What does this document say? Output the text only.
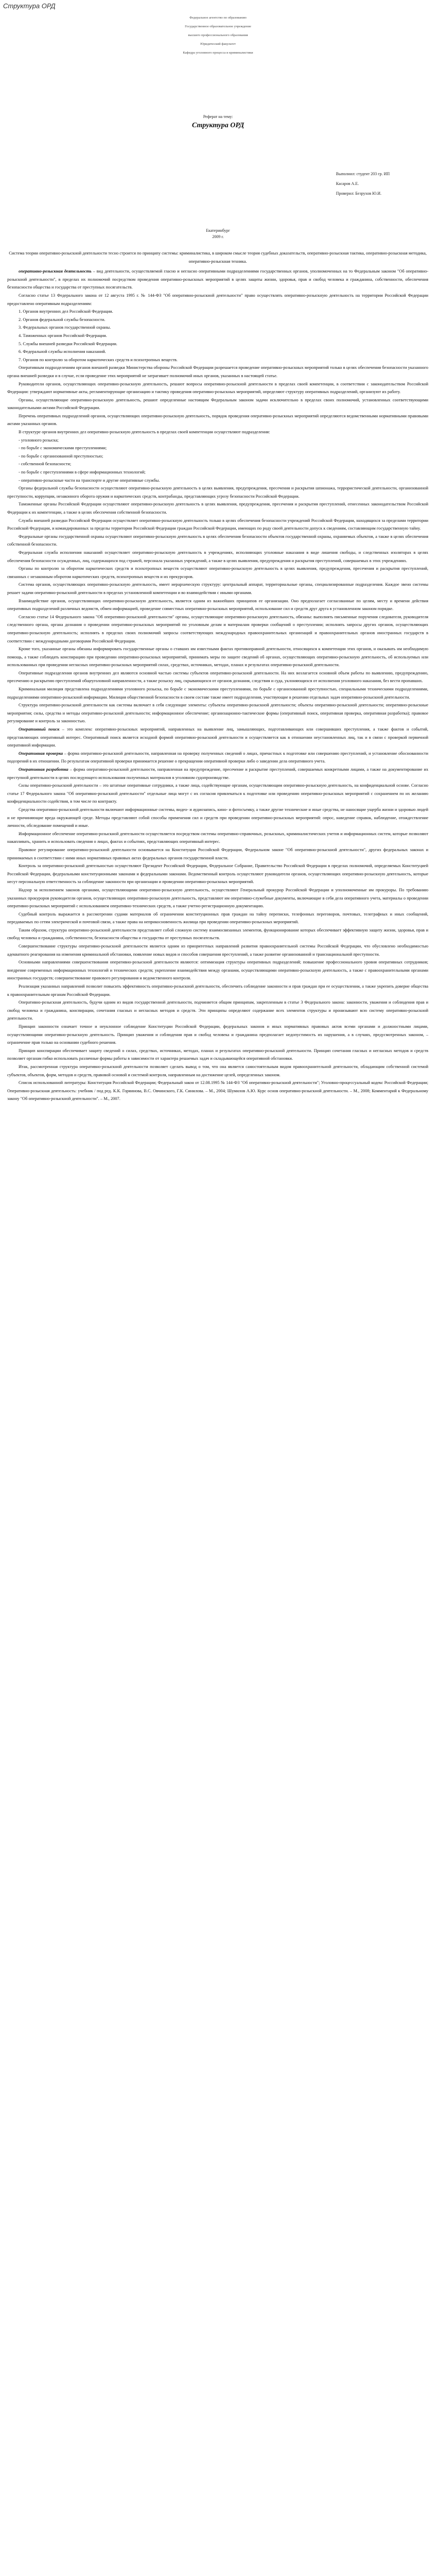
Структура ОРД
Федеральное агентство по образованию
Государственное образовательное учреждение
высшего профессионального образования
Юридический факультет
Кафедра уголовного процесса и криминалистики
Реферат на тему:
Структура ОРД
Выполнил: студент 203 гр. ИП
Касаров А.Е.
Проверил: Безрухов Ю.И.
Екатеринбург
2009 г.

Система теории оперативно-розыскной деятельности тесно строится по принципу системы: криминалистика, в широком смысле теория судебных доказательств, оперативно-розыскная тактика, оперативно-розыскная методика, оперативно-розыскная техника.

оперативно-розыскная деятельность – вид деятельности, осуществляемой гласно и негласно оперативными подразделениями государственных органов, уполномоченных на то Федеральным законом "Об оперативно-розыскной деятельности", в пределах их полномочий посредством проведения оперативно-розыскных мероприятий в целях защиты жизни, здоровья, прав и свобод человека и гражданина, собственности, обеспечения безопасности общества и государства от преступных посягательств.

Согласно статье 13 Федерального закона от 12 августа 1995 г. № 144-ФЗ "Об оперативно-розыскной деятельности" право осуществлять оперативно-розыскную деятельность на территории Российской Федерации предоставлено оперативным подразделениям:

1. Органов внутренних дел Российской Федерации.

2. Органов федеральной службы безопасности.

3. Федеральных органов государственной охраны.

4. Таможенных органов Российской Федерации.

5. Службы внешней разведки Российской Федерации.

6. Федеральной службы исполнения наказаний.

7. Органов по контролю за оборотом наркотических средств и психотропных веществ.

Оперативным подразделениям органов внешней разведки Министерства обороны Российской Федерации разрешается проведение оперативно-розыскных мероприятий только в целях обеспечения безопасности указанного органа внешней разведки и в случае, если проведение этих мероприятий не затрагивает полномочий иных органов, указанных в настоящей статье.

Руководители органов, осуществляющих оперативно-розыскную деятельность, решают вопросы оперативно-розыскной деятельности в пределах своей компетенции, в соответствии с законодательством Российской Федерации: утверждают нормативные акты, регламентирующие организацию и тактику проведения оперативно-розыскных мероприятий, определяют структуру оперативных подразделений, организуют их работу.

Органы, осуществляющие оперативно-розыскную деятельность, решают определенные настоящим Федеральным законом задачи исключительно в пределах своих полномочий, установленных соответствующими законодательными актами Российской Федерации.

Перечень оперативных подразделений органов, осуществляющих оперативно-розыскную деятельность, порядок проведения оперативно-розыскных мероприятий определяются ведомственными нормативными правовыми актами указанных органов.

В структуре органов внутренних дел оперативно-розыскную деятельность в пределах своей компетенции осуществляют подразделения:

- уголовного розыска;

- по борьбе с экономическими преступлениями;

- по борьбе с организованной преступностью;

- собственной безопасности;

- по борьбе с преступлениями в сфере информационных технологий;

- оперативно-розыскные части на транспорте и другие оперативные службы.

Органы федеральной службы безопасности осуществляют оперативно-розыскную деятельность в целях выявления, предупреждения, пресечения и раскрытия шпионажа, террористической деятельности, организованной преступности, коррупции, незаконного оборота оружия и наркотических средств, контрабанды, представляющих угрозу безопасности Российской Федерации.

Таможенные органы Российской Федерации осуществляют оперативно-розыскную деятельность в целях выявления, предупреждения, пресечения и раскрытия преступлений, отнесенных законодательством Российской Федерации к их компетенции, а также в целях обеспечения собственной безопасности.

Служба внешней разведки Российской Федерации осуществляет оперативно-розыскную деятельность только в целях обеспечения безопасности учреждений Российской Федерации, находящихся за пределами территории Российской Федерации, и командированных за пределы территории Российской Федерации граждан Российской Федерации, имеющих по роду своей деятельности допуск к сведениям, составляющим государственную тайну.

Федеральные органы государственной охраны осуществляют оперативно-розыскную деятельность в целях обеспечения безопасности объектов государственной охраны, охраняемых объектов, а также в целях обеспечения собственной безопасности.

Федеральная служба исполнения наказаний осуществляет оперативно-розыскную деятельность в учреждениях, исполняющих уголовные наказания в виде лишения свободы, и следственных изоляторах в целях обеспечения безопасности осужденных, лиц, содержащихся под стражей, персонала указанных учреждений, а также в целях выявления, предупреждения и раскрытия преступлений, совершаемых в этих учреждениях.

Органы по контролю за оборотом наркотических средств и психотропных веществ осуществляют оперативно-розыскную деятельность в целях выявления, предупреждения, пресечения и раскрытия преступлений, связанных с незаконным оборотом наркотических средств, психотропных веществ и их прекурсоров.

Система органов, осуществляющих оперативно-розыскную деятельность, имеет иерархическую структуру: центральный аппарат, территориальные органы, специализированные подразделения. Каждое звено системы решает задачи оперативно-розыскной деятельности в пределах установленной компетенции и во взаимодействии с иными органами.

Взаимодействие органов, осуществляющих оперативно-розыскную деятельность, является одним из важнейших принципов ее организации. Оно предполагает согласованные по целям, месту и времени действия оперативных подразделений различных ведомств, обмен информацией, проведение совместных оперативно-розыскных мероприятий, использование сил и средств друг друга в установленном законом порядке.

Согласно статье 14 Федерального закона "Об оперативно-розыскной деятельности" органы, осуществляющие оперативно-розыскную деятельность, обязаны: выполнять письменные поручения следователя, руководителя следственного органа, органа дознания о проведении оперативно-розыскных мероприятий по уголовным делам и материалам проверки сообщений о преступлении; исполнять запросы других органов, осуществляющих оперативно-розыскную деятельность; исполнять в пределах своих полномочий запросы соответствующих международных правоохранительных организаций и правоохранительных органов иностранных государств в соответствии с международными договорами Российской Федерации.

Кроме того, указанные органы обязаны информировать государственные органы о ставших им известными фактах противоправной деятельности, относящихся к компетенции этих органов, и оказывать им необходимую помощь, а также соблюдать конспирацию при проведении оперативно-розыскных мероприятий, принимать меры по защите сведений об органах, осуществляющих оперативно-розыскную деятельность, об используемых или использованных при проведении негласных оперативно-розыскных мероприятий силах, средствах, источниках, методах, планах и результатах оперативно-розыскной деятельности.

Оперативные подразделения органов внутренних дел являются основной частью системы субъектов оперативно-розыскной деятельности. На них возлагается основной объем работы по выявлению, предупреждению, пресечению и раскрытию преступлений общеуголовной направленности, а также розыску лиц, скрывающихся от органов дознания, следствия и суда, уклоняющихся от исполнения уголовного наказания, без вести пропавших.

Криминальная милиция представлена подразделениями уголовного розыска, по борьбе с экономическими преступлениями, по борьбе с организованной преступностью, специальными техническими подразделениями, подразделениями оперативно-розыскной информации. Милиция общественной безопасности в своем составе также имеет подразделения, участвующие в решении отдельных задач оперативно-розыскной деятельности.

Структура оперативно-розыскной деятельности как системы включает в себя следующие элементы: субъекты оперативно-розыскной деятельности; объекты оперативно-розыскной деятельности; оперативно-розыскные мероприятия; силы, средства и методы оперативно-розыскной деятельности; информационное обеспечение; организационно-тактические формы (оперативный поиск, оперативная проверка, оперативная разработка); правовое регулирование и контроль за законностью.

Оперативный поиск – это комплекс оперативно-розыскных мероприятий, направленных на выявление лиц, замышляющих, подготавливающих или совершивших преступления, а также фактов и событий, представляющих оперативный интерес. Оперативный поиск является исходной формой оперативно-розыскной деятельности и осуществляется как в отношении неустановленных лиц, так и в связи с проверкой первичной оперативной информации.

Оперативная проверка – форма оперативно-розыскной деятельности, направленная на проверку полученных сведений о лицах, причастных к подготовке или совершению преступлений, и установление обоснованности подозрений в их отношении. По результатам оперативной проверки принимается решение о прекращении оперативной проверки либо о заведении дела оперативного учета.

Оперативная разработка – форма оперативно-розыскной деятельности, направленная на предупреждение, пресечение и раскрытие преступлений, совершаемых конкретными лицами, а также на документирование их преступной деятельности в целях последующего использования полученных материалов в уголовном судопроизводстве.

Силы оперативно-розыскной деятельности – это штатные оперативные сотрудники, а также лица, содействующие органам, осуществляющим оперативно-розыскную деятельность, на конфиденциальной основе. Согласно статье 17 Федерального закона "Об оперативно-розыскной деятельности" отдельные лица могут с их согласия привлекаться к подготовке или проведению оперативно-розыскных мероприятий с сохранением по их желанию конфиденциальности содействия, в том числе по контракту.

Средства оперативно-розыскной деятельности включают информационные системы, видео- и аудиозапись, кино- и фотосъемку, а также другие технические и иные средства, не наносящие ущерба жизни и здоровью людей и не причиняющие вреда окружающей среде. Методы представляют собой способы применения сил и средств при проведении оперативно-розыскных мероприятий: опрос, наведение справок, наблюдение, отождествление личности, обследование помещений и иные.

Информационное обеспечение оперативно-розыскной деятельности осуществляется посредством системы оперативно-справочных, розыскных, криминалистических учетов и информационных систем, которые позволяют накапливать, хранить и использовать сведения о лицах, фактах и событиях, представляющих оперативный интерес.

Правовое регулирование оперативно-розыскной деятельности основывается на Конституции Российской Федерации, Федеральном законе "Об оперативно-розыскной деятельности", других федеральных законах и принимаемых в соответствии с ними иных нормативных правовых актах федеральных органов государственной власти.

Контроль за оперативно-розыскной деятельностью осуществляют Президент Российской Федерации, Федеральное Собрание, Правительство Российской Федерации в пределах полномочий, определяемых Конституцией Российской Федерации, федеральными конституционными законами и федеральными законами. Ведомственный контроль осуществляют руководители органов, осуществляющих оперативно-розыскную деятельность, которые несут персональную ответственность за соблюдение законности при организации и проведении оперативно-розыскных мероприятий.

Надзор за исполнением законов органами, осуществляющими оперативно-розыскную деятельность, осуществляют Генеральный прокурор Российской Федерации и уполномоченные им прокуроры. По требованию указанных прокуроров руководители органов, осуществляющих оперативно-розыскную деятельность, представляют им оперативно-служебные документы, включающие в себя дела оперативного учета, материалы о проведении оперативно-розыскных мероприятий с использованием оперативно-технических средств, а также учетно-регистрационную документацию.

Судебный контроль выражается в рассмотрении судами материалов об ограничении конституционных прав граждан на тайну переписки, телефонных переговоров, почтовых, телеграфных и иных сообщений, передаваемых по сетям электрической и почтовой связи, а также права на неприкосновенность жилища при проведении оперативно-розыскных мероприятий.

Таким образом, структура оперативно-розыскной деятельности представляет собой сложную систему взаимосвязанных элементов, функционирование которых обеспечивает эффективную защиту жизни, здоровья, прав и свобод человека и гражданина, собственности, безопасности общества и государства от преступных посягательств.

Совершенствование структуры оперативно-розыскной деятельности является одним из приоритетных направлений развития правоохранительной системы Российской Федерации, что обусловлено необходимостью адекватного реагирования на изменения криминальной обстановки, появление новых видов и способов совершения преступлений, а также развитие организованной и транснациональной преступности.

Основными направлениями совершенствования оперативно-розыскной деятельности являются: оптимизация структуры оперативных подразделений; повышение профессионального уровня оперативных сотрудников; внедрение современных информационных технологий и технических средств; укрепление взаимодействия между органами, осуществляющими оперативно-розыскную деятельность, а также с правоохранительными органами иностранных государств; совершенствование правового регулирования и ведомственного контроля.

Реализация указанных направлений позволит повысить эффективность оперативно-розыскной деятельности, обеспечить соблюдение законности и прав граждан при ее осуществлении, а также укрепить доверие общества к правоохранительным органам Российской Федерации.

Оперативно-розыскная деятельность, будучи одним из видов государственной деятельности, подчиняется общим принципам, закрепленным в статье 3 Федерального закона: законности, уважения и соблюдения прав и свобод человека и гражданина, конспирации, сочетания гласных и негласных методов и средств. Эти принципы определяют содержание всех элементов структуры и пронизывают всю систему оперативно-розыскной деятельности.

Принцип законности означает точное и неуклонное соблюдение Конституции Российской Федерации, федеральных законов и иных нормативных правовых актов всеми органами и должностными лицами, осуществляющими оперативно-розыскную деятельность. Принцип уважения и соблюдения прав и свобод человека и гражданина предполагает недопустимость их нарушения, а в случаях, предусмотренных законом, – ограничение прав только на основании судебного решения.

Принцип конспирации обеспечивает защиту сведений о силах, средствах, источниках, методах, планах и результатах оперативно-розыскной деятельности. Принцип сочетания гласных и негласных методов и средств позволяет органам гибко использовать различные формы работы в зависимости от характера решаемых задач и складывающейся оперативной обстановки.

Итак, рассмотренная структура оперативно-розыскной деятельности позволяет сделать вывод о том, что она является самостоятельным видом правоохранительной деятельности, обладающим собственной системой субъектов, объектов, форм, методов и средств, правовой основой и системой контроля, направленным на достижение целей, определенных законом.

Список использованной литературы: Конституция Российской Федерации; Федеральный закон от 12.08.1995 № 144-ФЗ "Об оперативно-розыскной деятельности"; Уголовно-процессуальный кодекс Российской Федерации; Оперативно-розыскная деятельность: учебник / под ред. К.К. Горяинова, В.С. Овчинского, Г.К. Синилова. – М., 2004; Шумилов А.Ю. Курс основ оперативно-розыскной деятельности. – М., 2008; Комментарий к Федеральному закону "Об оперативно-розыскной деятельности". – М., 2007.
